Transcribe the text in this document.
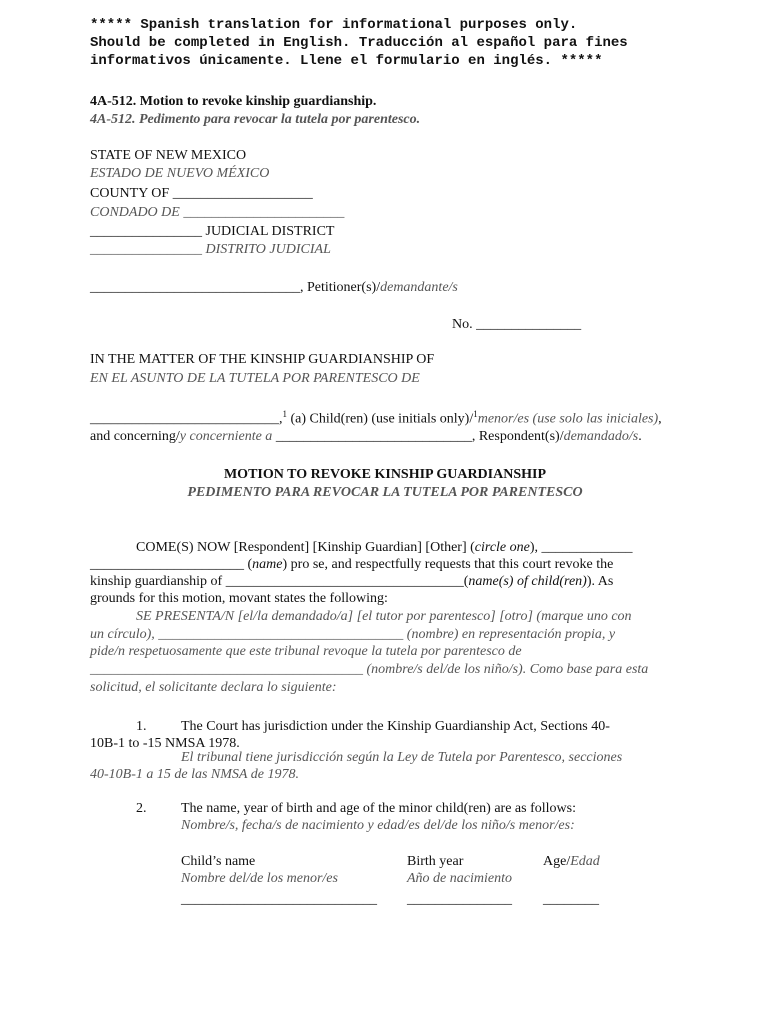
***** Spanish translation for informational purposes only.
Should be completed in English. Traducción al español para fines
informativos únicamente. Llene el formulario en inglés. *****
4A-512. Motion to revoke kinship guardianship.
4A-512. Pedimento para revocar la tutela por parentesco.
STATE OF NEW MEXICO
ESTADO DE NUEVO MÉXICO
COUNTY OF ____________________
CONDADO DE _______________________
________________ JUDICIAL DISTRICT
________________ DISTRITO JUDICIAL
______________________________, Petitioner(s)/demandante/s
No. _______________
IN THE MATTER OF THE KINSHIP GUARDIANSHIP OF
EN EL ASUNTO DE LA TUTELA POR PARENTESCO DE
___________________________,$^1$ (a) Child(ren) (use initials only)/$^1$menor/es (use solo las iniciales),
and concerning/y concerniente a ____________________________, Respondent(s)/demandado/s.
MOTION TO REVOKE KINSHIP GUARDIANSHIP
PEDIMENTO PARA REVOCAR LA TUTELA POR PARENTESCO
COME(S) NOW [Respondent] [Kinship Guardian] [Other] (circle one), _____________
______________________ (name) pro se, and respectfully requests that this court revoke the
kinship guardianship of __________________________________(name(s) of child(ren)). As
grounds for this motion, movant states the following:
SE PRESENTA/N [el/la demandado/a] [el tutor por parentesco] [otro] (marque uno con
un círculo), ___________________________________ (nombre) en representación propia, y
pide/n respetuosamente que este tribunal revoque la tutela por parentesco de
_______________________________________ (nombre/s del/de los niño/s). Como base para esta
solicitud, el solicitante declara lo siguiente:
1. The Court has jurisdiction under the Kinship Guardianship Act, Sections 40-
10B-1 to -15 NMSA 1978.
El tribunal tiene jurisdicción según la Ley de Tutela por Parentesco, secciones
40-10B-1 a 15 de las NMSA de 1978.
2. The name, year of birth and age of the minor child(ren) are as follows:
Nombre/s, fecha/s de nacimiento y edad/es del/de los niño/s menor/es:
Child’s name	Birth year	Age/Edad
Nombre del/de los menor/es	Año de nacimiento
____________________________ _______________ ________
